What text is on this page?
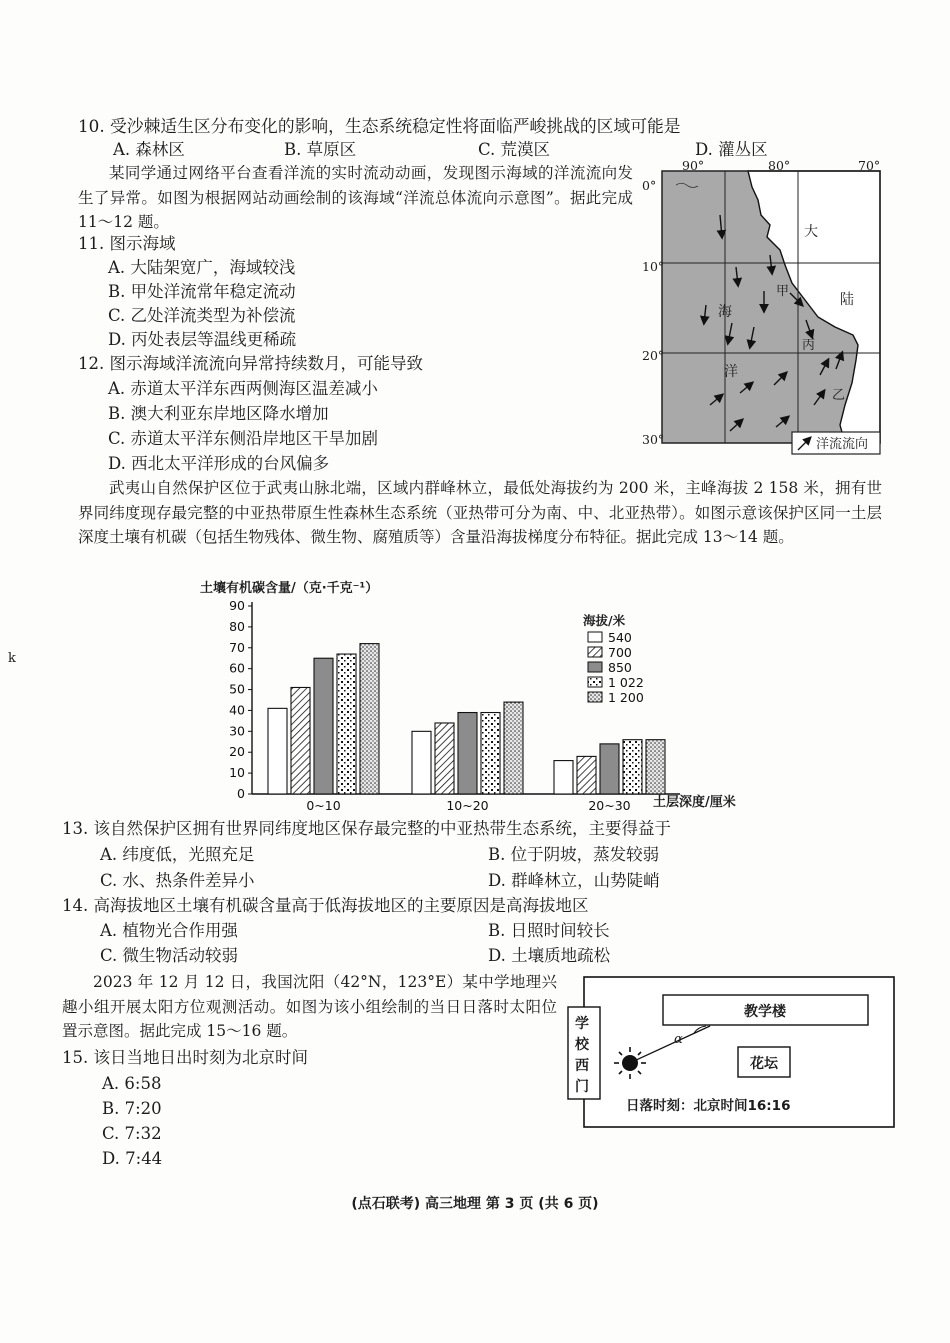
10. 受沙棘适生区分布变化的影响，生态系统稳定性将面临严峻挑战的区域可能是
A. 森林区	B. 草原区	C. 荒漠区	D. 灌丛区
某同学通过网络平台查看洋流的实时流动动画，发现图示海域的洋流流向发生了异常。如图为根据网站动画绘制的该海域“洋流总体流向示意图”。据此完成 11～12 题。
11. 图示海域
A. 大陆架宽广，海域较浅
B. 甲处洋流常年稳定流动
C. 乙处洋流类型为补偿流
D. 丙处表层等温线更稀疏
12. 图示海域洋流流向异常持续数月，可能导致
A. 赤道太平洋东西两侧海区温差减小
B. 澳大利亚东岸地区降水增加
C. 赤道太平洋东侧沿岸地区干旱加剧
D. 西北太平洋形成的台风偏多
90°	80°	70°
0°
10°
20°
30°
海
洋
大
陆
甲
丙
乙
洋流流向
武夷山自然保护区位于武夷山脉北端，区域内群峰林立，最低处海拔约为 200 米，主峰海拔 2 158 米，拥有世界同纬度现存最完整的中亚热带原生性森林生态系统（亚热带可分为南、中、北亚热带）。如图示意该保护区同一土层深度土壤有机碳（包括生物残体、微生物、腐殖质等）含量沿海拔梯度分布特征。据此完成 13～14 题。
0
10
20
30
40
50
60
70
80
90
0~10	10~20	20~30
540
700
850
1 022
1 200
土壤有机碳含量/（克·千克⁻¹）
土层深度/厘米
海拔/米
13. 该自然保护区拥有世界同纬度地区保存最完整的中亚热带生态系统，主要得益于
A. 纬度低，光照充足	B. 位于阴坡，蒸发较弱
C. 水、热条件差异小	D. 群峰林立，山势陡峭
14. 高海拔地区土壤有机碳含量高于低海拔地区的主要原因是高海拔地区
A. 植物光合作用强	B. 日照时间较长
C. 微生物活动较弱	D. 土壤质地疏松
2023 年 12 月 12 日，我国沈阳（42°N，123°E）某中学地理兴趣小组开展太阳方位观测活动。如图为该小组绘制的当日日落时太阳位置示意图。据此完成 15～16 题。	学
校
西
门
教学楼
花坛
α
日落时刻：北京时间16:16
15. 该日当地日出时刻为北京时间
A. 6:58
B. 7:20
C. 7:32
D. 7:44
k
(点石联考) 高三地理 第 3 页 (共 6 页)
